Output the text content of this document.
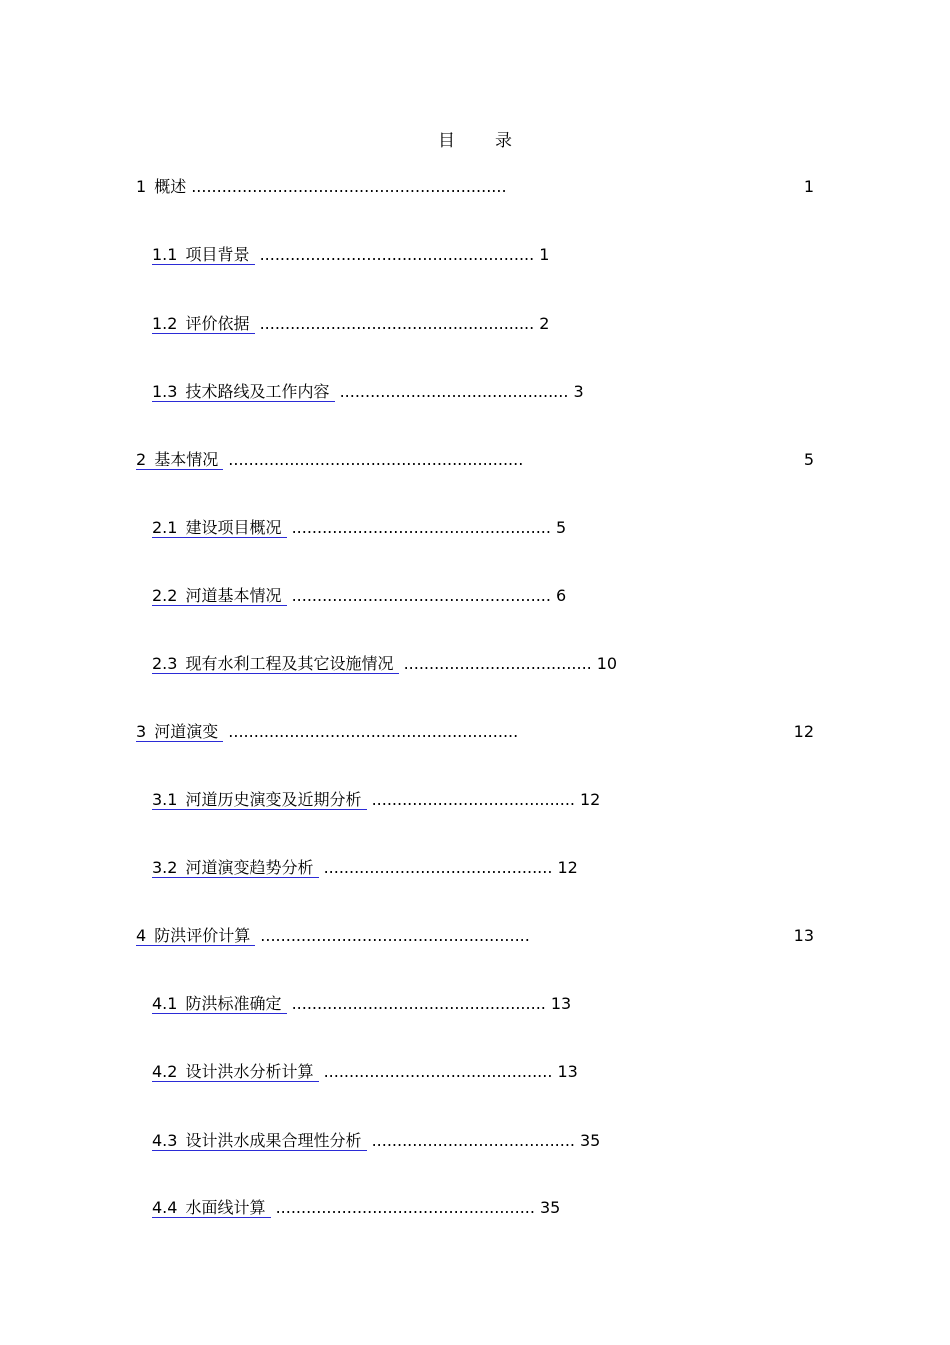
目 录
1 概述 ..............................................................	1
1.1 项目背景 ...................................................... 1
1.2 评价依据 ...................................................... 2
1.3 技术路线及工作内容 ............................................. 3
2 基本情况 ..........................................................	5
2.1 建设项目概况 ................................................... 5
2.2 河道基本情况 ................................................... 6
2.3 现有水利工程及其它设施情况 ..................................... 10
3 河道演变 .........................................................	12
3.1 河道历史演变及近期分析 ........................................ 12
3.2 河道演变趋势分析 ............................................. 12
4 防洪评价计算 .....................................................	13
4.1 防洪标准确定 .................................................. 13
4.2 设计洪水分析计算 ............................................. 13
4.3 设计洪水成果合理性分析 ........................................ 35
4.4 水面线计算 ................................................... 35
